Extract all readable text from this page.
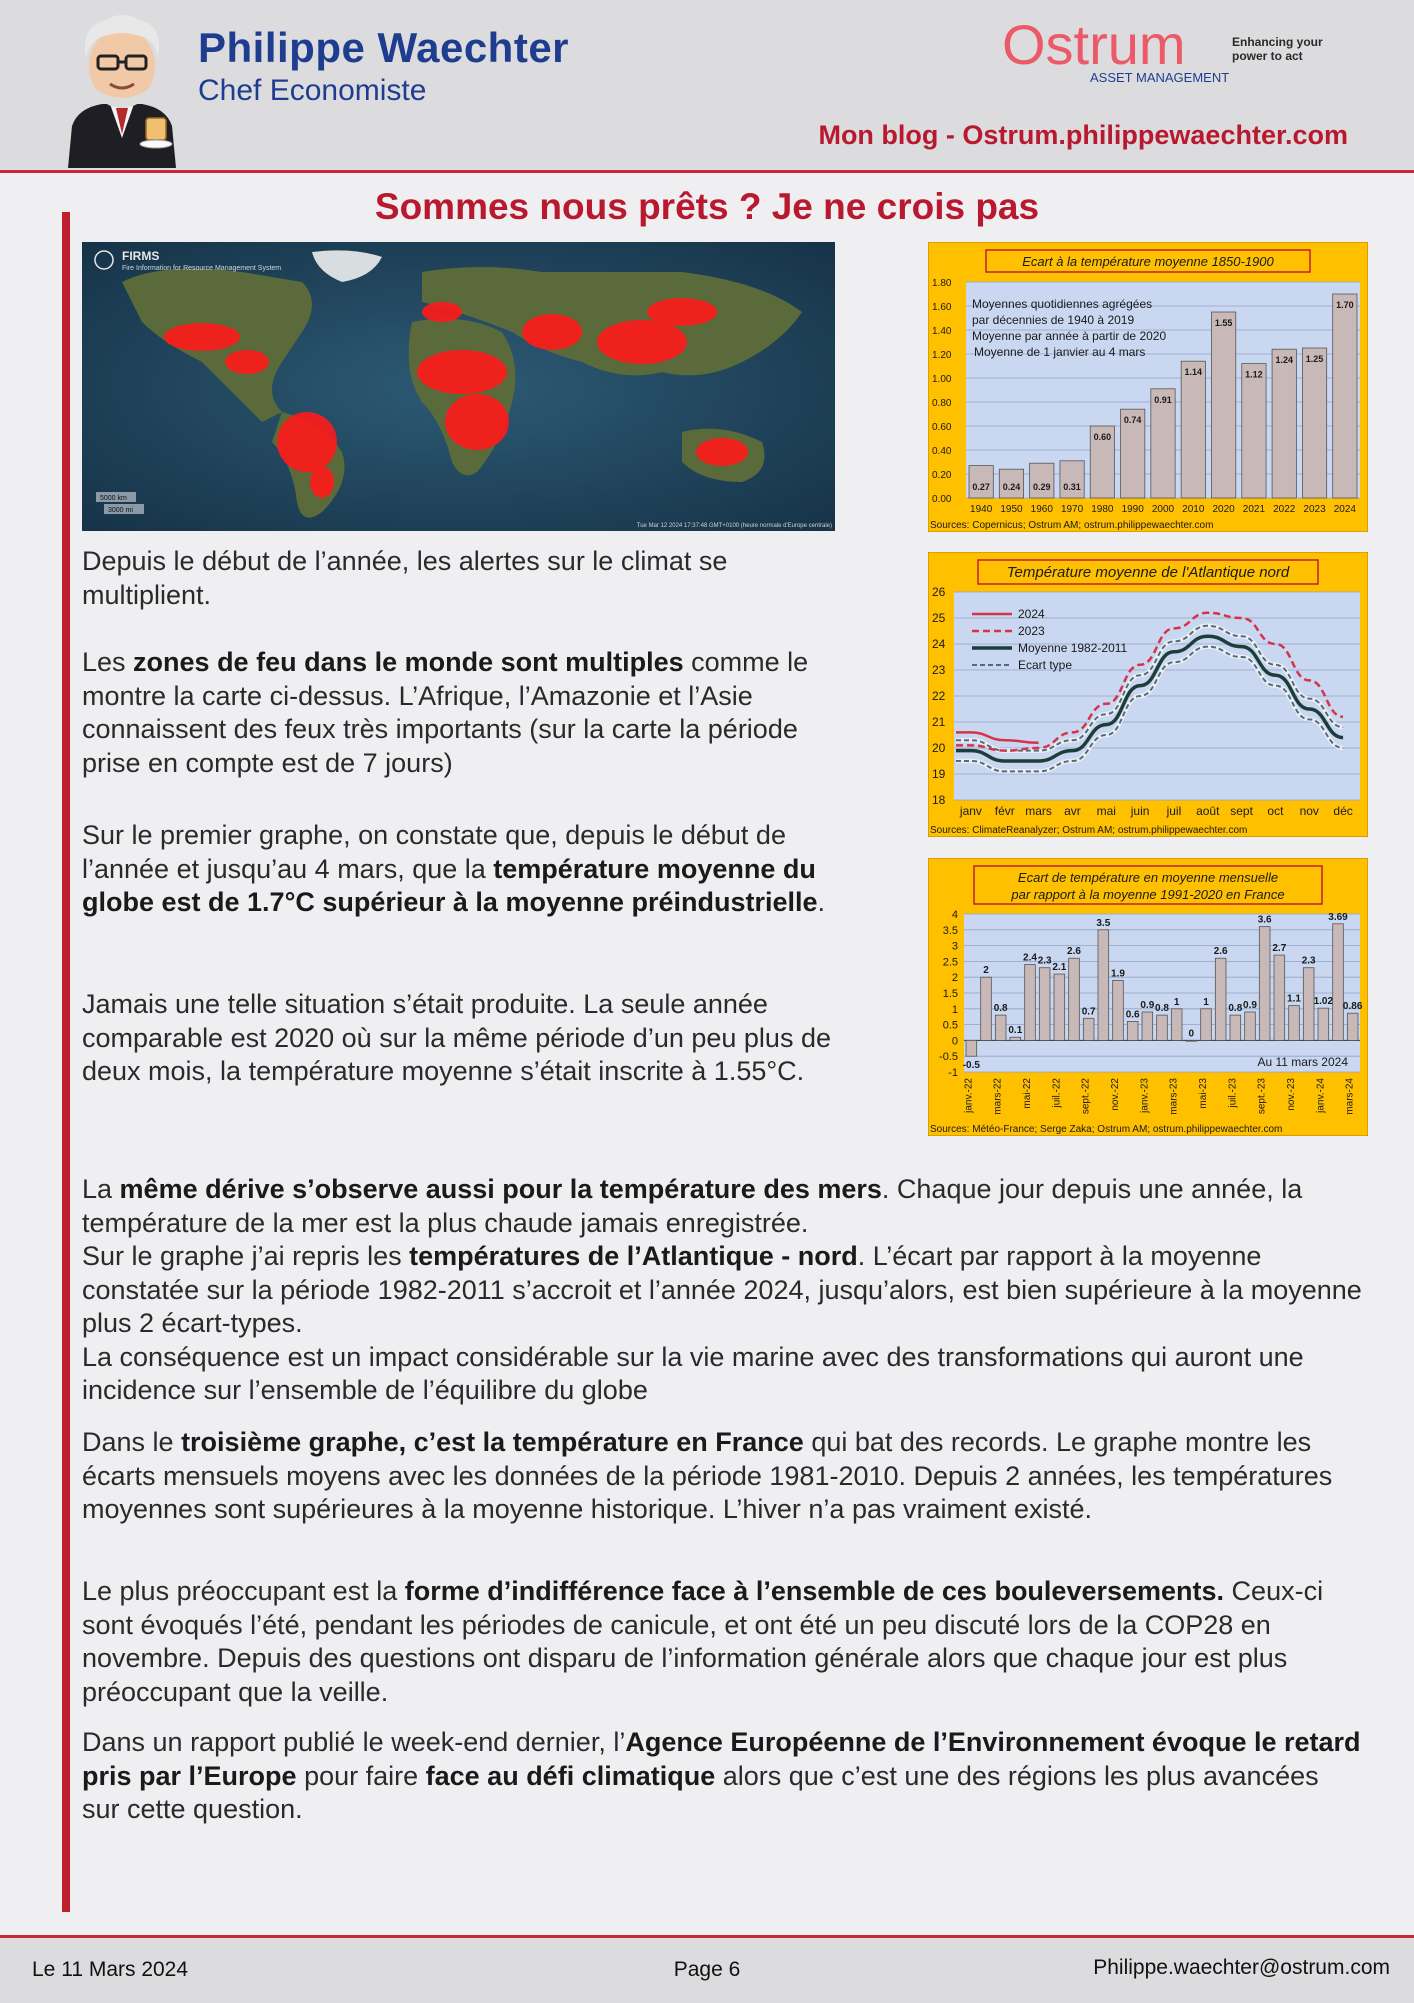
Philippe Waechter
Chef Economiste
Ostrum
ASSET MANAGEMENT
Enhancing your
power to act
Mon blog - Ostrum.philippewaechter.com
Sommes nous prêts ? Je ne crois pas
FIRMS
Fire Information for Resource Management System
5000 km
3000 mi
Tue Mar 12 2024 17:37:48 GMT+0100 (heure normale d'Europe centrale)
Ecart à la température moyenne 1850-1900
0.00
0.20
0.40
0.60
0.80
1.00
1.20
1.40
1.60
1.80
0.27
1940
0.24
1950
0.29
1960
0.31
1970
0.60
1980
0.74
1990
0.91
2000
1.14
2010
1.55
2020
1.12
2021
1.24
2022
1.25
2023
1.70
2024
Moyennes quotidiennes agrégées
par décennies de 1940 à 2019
Moyenne par année à partir de 2020
Moyenne de 1 janvier au 4 mars
Sources: Copernicus; Ostrum AM; ostrum.philippewaechter.com
Température moyenne de l'Atlantique nord
18
19
20
21
22
23
24
25
26
janv févr mars avr mai juin juil août sept oct nov déc
2024
2023
Moyenne 1982-2011
Ecart type
Sources: ClimateReanalyzer; Ostrum AM; ostrum.philippewaechter.com
Ecart de température en moyenne mensuelle
par rapport à la moyenne 1991-2020 en France
-1
-0.5
0
0.5
1
1.5
2
2.5
3
3.5
4
-0.5
2
0.8
0.1
2.4 2.3
2.1
2.6
0.7
3.5
1.9
0.6
0.9 0.8
1
0
1
2.6
0.8 0.9
3.6
2.7
1.1
2.3
1.02
3.69
0.86
janv.-22 mars-22 mai-22 juil.-22 sept.-22 nov.-22 janv.-23 mars-23 mai-23 juil.-23 sept.-23 nov.-23 janv.-24 mars-24
Au 11 mars 2024
Sources: Météo-France; Serge Zaka; Ostrum AM; ostrum.philippewaechter.com

Depuis le début de l’année, les alertes sur le climat se multiplient.

Les zones de feu dans le monde sont multiples comme le montre la carte ci-dessus. L’Afrique, l’Amazonie et l’Asie connaissent des feux très importants (sur la carte la période prise en compte est de 7 jours)

Sur le premier graphe, on constate que, depuis le début de l’année et jusqu’au 4 mars, que la température moyenne du globe est de 1.7°C supérieur à la moyenne préindustrielle.

Jamais une telle situation s’était produite. La seule année comparable est 2020 où sur la même période d’un peu plus de deux mois, la température moyenne s’était inscrite à 1.55°C.

La même dérive s’observe aussi pour la température des mers. Chaque jour depuis une année, la température de la mer est la plus chaude jamais enregistrée.
Sur le graphe j’ai repris les températures de l’Atlantique - nord. L’écart par rapport à la moyenne constatée sur la période 1982-2011 s’accroit et l’année 2024, jusqu’alors, est bien supérieure à la moyenne plus 2 écart-types.
La conséquence est un impact considérable sur la vie marine avec des transformations qui auront une incidence sur l’ensemble de l’équilibre du globe

Dans le troisième graphe, c’est la température en France qui bat des records. Le graphe montre les écarts mensuels moyens avec les données de la période 1981-2010. Depuis 2 années, les températures moyennes sont supérieures à la moyenne historique. L’hiver n’a pas vraiment existé.

Le plus préoccupant est la forme d’indifférence face à l’ensemble de ces bouleversements. Ceux-ci sont évoqués l’été, pendant les périodes de canicule, et ont été un peu discuté lors de la COP28 en novembre. Depuis des questions ont disparu de l’information générale alors que chaque jour est plus préoccupant que la veille.

Dans un rapport publié le week-end dernier, l’Agence Européenne de l’Environnement évoque le retard pris par l’Europe pour faire face au défi climatique alors que c’est une des régions les plus avancées sur cette question.

Le 11 Mars 2024	Page 6	Philippe.waechter@ostrum.com
